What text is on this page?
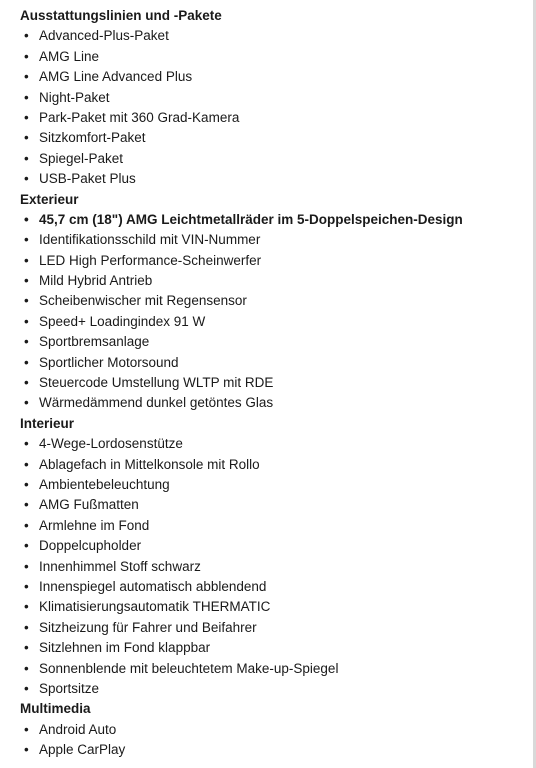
Ausstattungslinien und -Pakete
• Advanced-Plus-Paket
• AMG Line
• AMG Line Advanced Plus
• Night-Paket
• Park-Paket mit 360 Grad-Kamera
• Sitzkomfort-Paket
• Spiegel-Paket
• USB-Paket Plus
Exterieur
• 45,7 cm (18") AMG Leichtmetallräder im 5-Doppelspeichen-Design
• Identifikationsschild mit VIN-Nummer
• LED High Performance-Scheinwerfer
• Mild Hybrid Antrieb
• Scheibenwischer mit Regensensor
• Speed+ Loadingindex 91 W
• Sportbremsanlage
• Sportlicher Motorsound
• Steuercode Umstellung WLTP mit RDE
• Wärmedämmend dunkel getöntes Glas
Interieur
• 4-Wege-Lordosenstütze
• Ablagefach in Mittelkonsole mit Rollo
• Ambientebeleuchtung
• AMG Fußmatten
• Armlehne im Fond
• Doppelcupholder
• Innenhimmel Stoff schwarz
• Innenspiegel automatisch abblendend
• Klimatisierungsautomatik THERMATIC
• Sitzheizung für Fahrer und Beifahrer
• Sitzlehnen im Fond klappbar
• Sonnenblende mit beleuchtetem Make-up-Spiegel
• Sportsitze
Multimedia
• Android Auto
• Apple CarPlay
